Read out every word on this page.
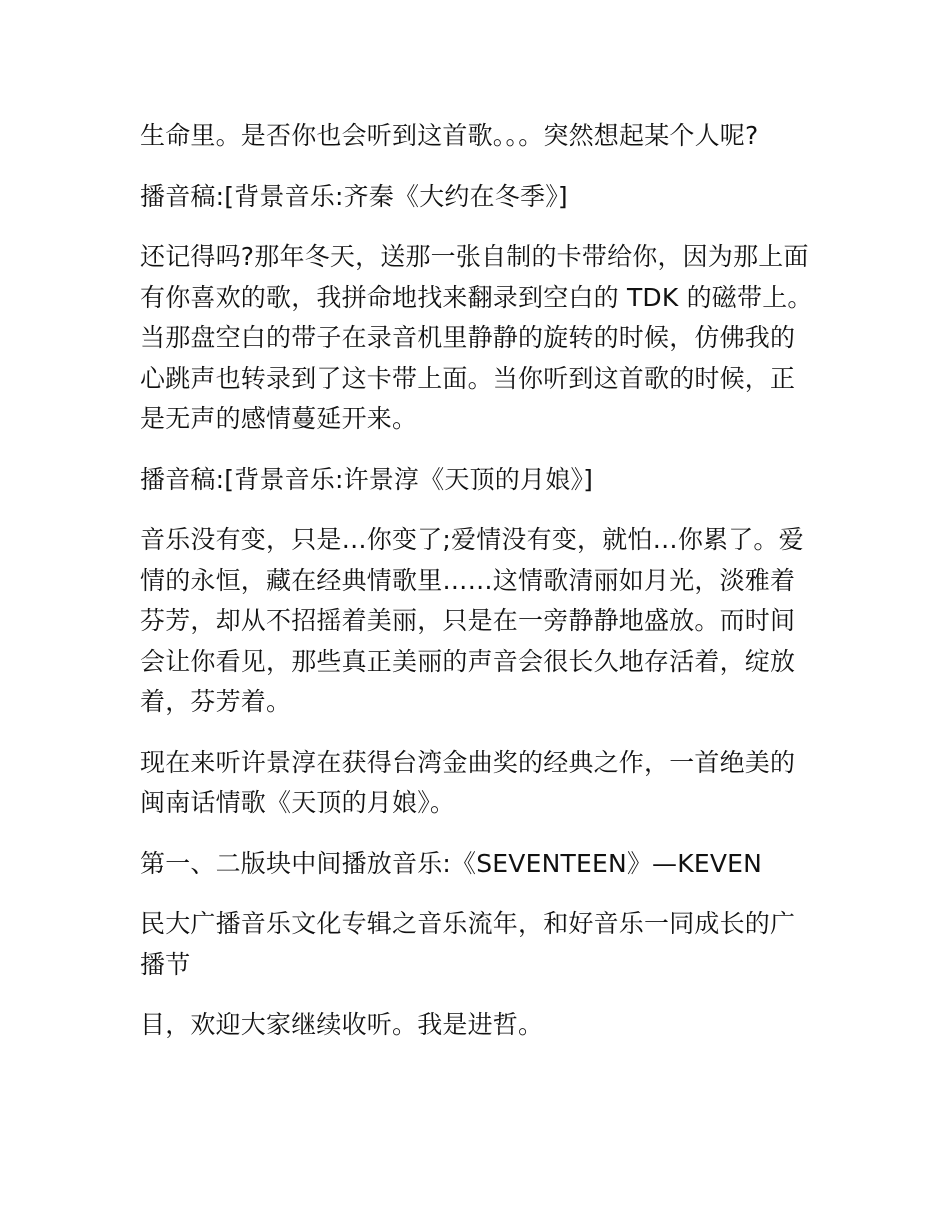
生命里。是否你也会听到这首歌。。。突然想起某个人呢?

播音稿:[背景音乐:齐秦《大约在冬季》]

还记得吗?那年冬天，送那一张自制的卡带给你，因为那上面有你喜欢的歌，我拼命地找来翻录到空白的 TDK 的磁带上。当那盘空白的带子在录音机里静静的旋转的时候，仿佛我的心跳声也转录到了这卡带上面。当你听到这首歌的时候，正是无声的感情蔓延开来。

播音稿:[背景音乐:许景淳《天顶的月娘》]

音乐没有变，只是…你变了;爱情没有变，就怕…你累了。爱情的永恒，藏在经典情歌里……这情歌清丽如月光，淡雅着芬芳，却从不招摇着美丽，只是在一旁静静地盛放。而时间会让你看见，那些真正美丽的声音会很长久地存活着，绽放着，芬芳着。

现在来听许景淳在获得台湾金曲奖的经典之作，一首绝美的闽南话情歌《天顶的月娘》。

第一、二版块中间播放音乐:《SEVENTEEN》—KEVEN

民大广播音乐文化专辑之音乐流年，和好音乐一同成长的广播节

目，欢迎大家继续收听。我是进哲。
